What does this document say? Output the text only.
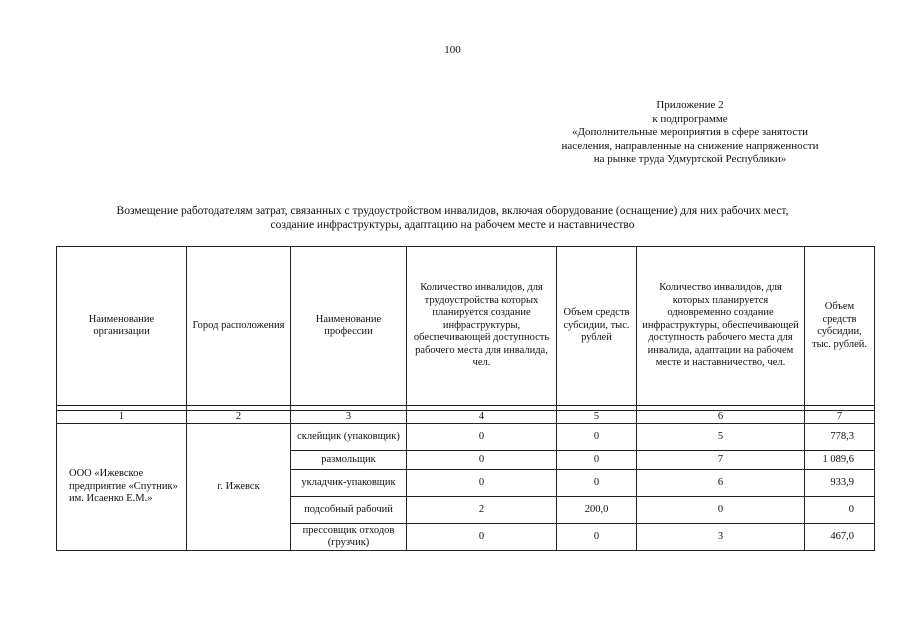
100
Приложение 2
к подпрограмме
«Дополнительные мероприятия в сфере занятости
населения, направленные на снижение напряженности
на рынке труда Удмуртской Республики»
Возмещение работодателям затрат, связанных с трудоустройством инвалидов, включая оборудование (оснащение) для них рабочих мест,
создание инфраструктуры, адаптацию на рабочем месте и наставничество
Наименование организации	Город расположения	Наименование профессии	Количество инвалидов, для трудоустройства которых планируется создание инфраструктуры, обеспечивающей доступность рабочего места для инвалида, чел.	Объем средств субсидии, тыс. рублей	Количество инвалидов, для которых планируется одновременно создание инфраструктуры, обеспечивающей доступность рабочего места для инвалида, адаптации на рабочем месте и наставничество, чел.	Объем средств субсидии, тыс. рублей.

1	2	3	4	5	6	7
ООО «Ижевское предприятие «Спутник» им. Исаенко Е.М.»	г. Ижевск	склейщик (упаковщик)	0	0	5	778,3
		размольщик	0	0	7	1 089,6
		укладчик-упаковщик	0	0	6	933,9
		подсобный рабочий	2	200,0	0	0
		прессовщик отходов (грузчик)	0	0	3	467,0
